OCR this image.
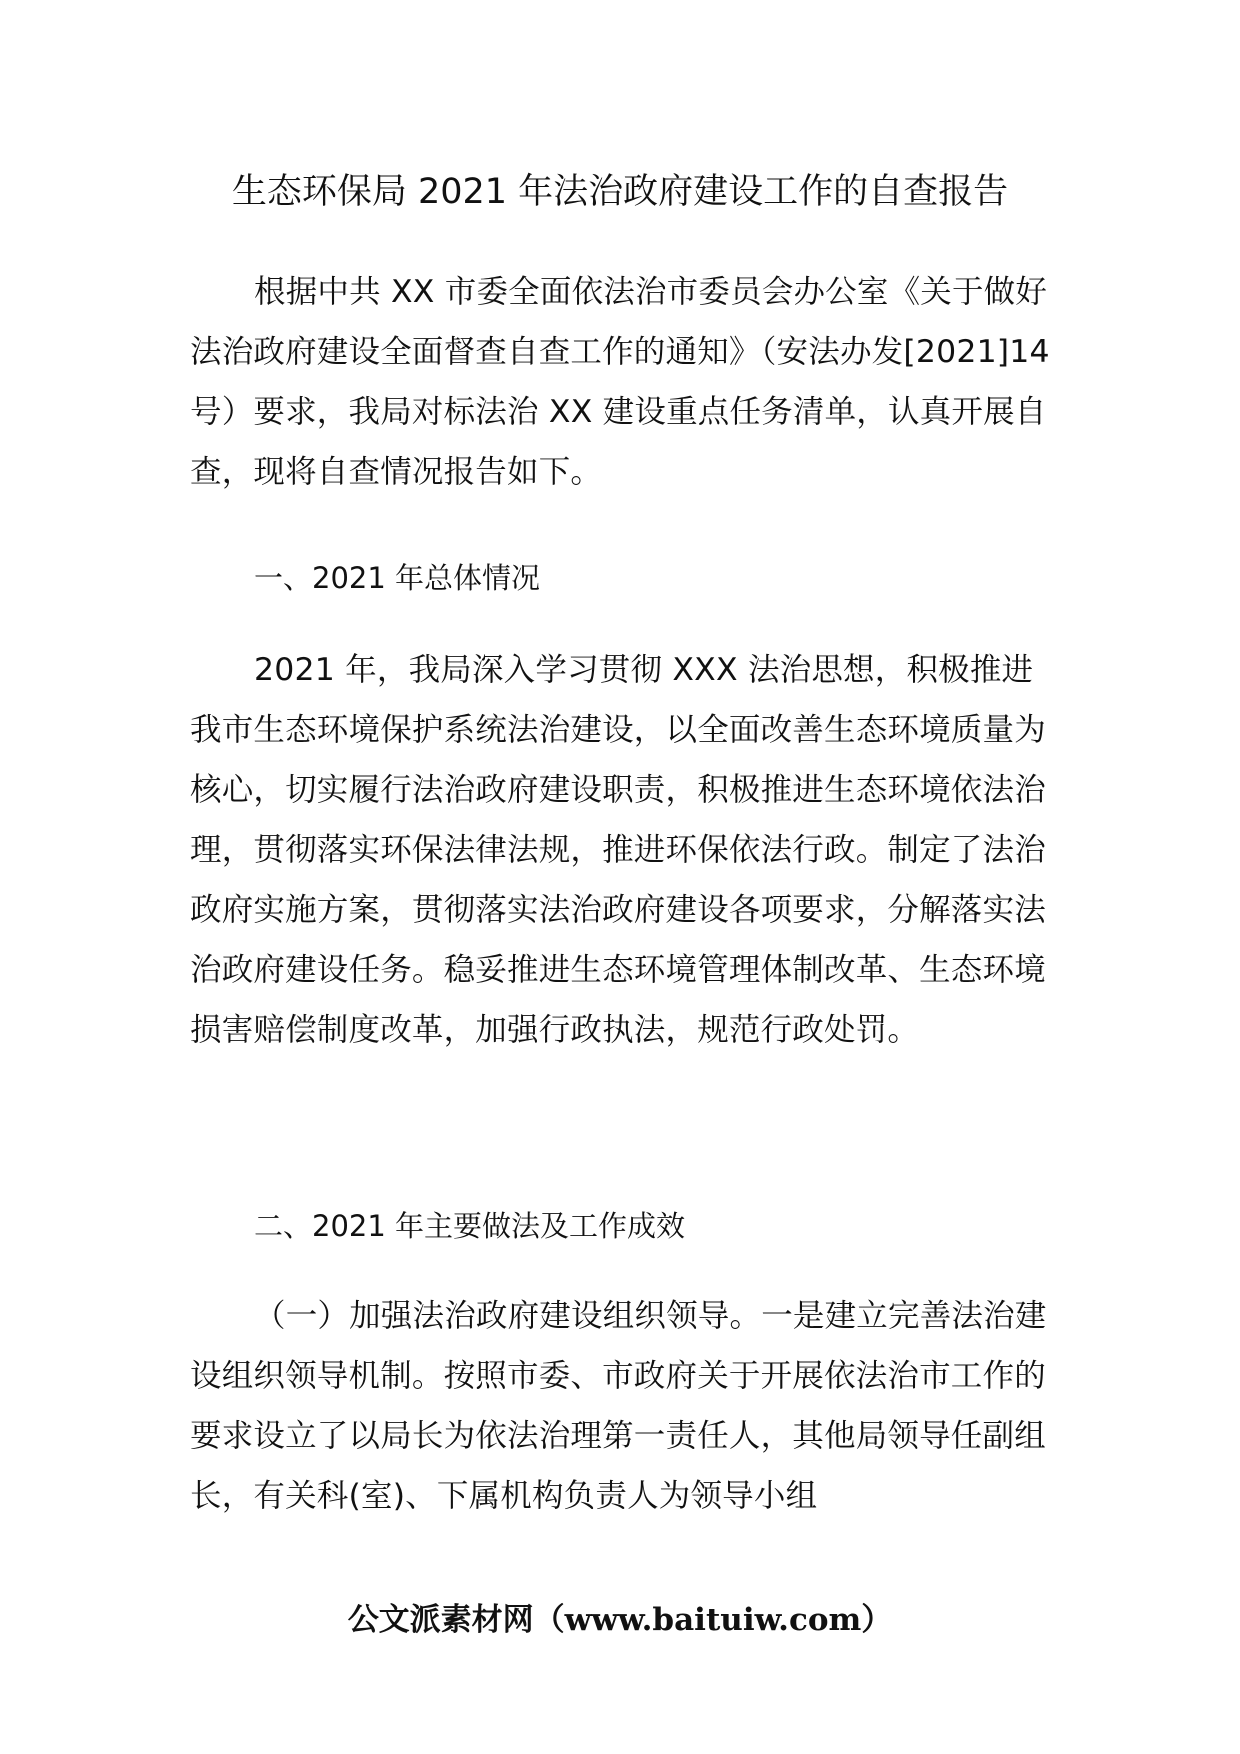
生态环保局 2021 年法治政府建设工作的自查报告

根据中共 XX 市委全面依法治市委员会办公室《关于做好法治政府建设全面督查自查工作的通知》（安法办发[2021]14 号）要求，我局对标法治 XX 建设重点任务清单，认真开展自查，现将自查情况报告如下。

一、2021 年总体情况

2021 年，我局深入学习贯彻 XXX 法治思想，积极推进我市生态环境保护系统法治建设，以全面改善生态环境质量为核心，切实履行法治政府建设职责，积极推进生态环境依法治理，贯彻落实环保法律法规，推进环保依法行政。制定了法治政府实施方案，贯彻落实法治政府建设各项要求，分解落实法治政府建设任务。稳妥推进生态环境管理体制改革、生态环境损害赔偿制度改革，加强行政执法，规范行政处罚。

二、2021 年主要做法及工作成效

（一）加强法治政府建设组织领导。一是建立完善法治建设组织领导机制。按照市委、市政府关于开展依法治市工作的要求设立了以局长为依法治理第一责任人，其他局领导任副组长，有关科(室)、下属机构负责人为领导小组

公文派素材网（www.baituiw.com）
